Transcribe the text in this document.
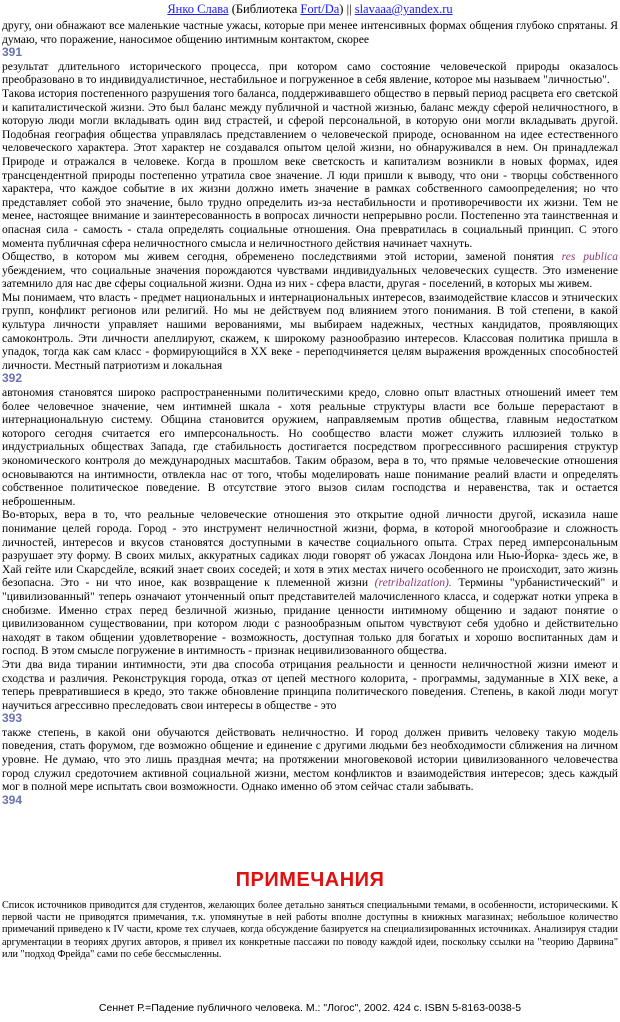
Янко Слава (Библиотека Fort/Da) || slavaaa@yandex.ru

другу, они обнажают все маленькие частные ужасы, которые при менее интенсивных формах общения глубоко спрятаны. Я думаю, что поражение, наносимое общению интимным контактом, скорее

391

результат длительного исторического процесса, при котором само состояние человеческой природы оказалось преобразовано в то индивидуалистичное, нестабильное и погруженное в себя явление, которое мы называем "личностью".

Такова история постепенного разрушения того баланса, поддерживавшего общество в первый период расцвета его светской и капиталистической жизни. Это был баланс между публичной и частной жизнью, баланс между сферой неличностного, в которую люди могли вкладывать один вид страстей, и сферой персональной, в которую они могли вкладывать другой. Подобная география общества управлялась представлением о человеческой природе, основанном на идее естественного человеческого характера. Этот характер не создавался опытом целой жизни, но обнаруживался в нем. Он принадлежал Природе и отражался в человеке. Когда в прошлом веке светскость и капитализм возникли в новых формах, идея трансцендентной природы постепенно утратила свое значение. Л юди пришли к выводу, что они - творцы собственного характера, что каждое событие в их жизни должно иметь значение в рамках собственного самоопределения; но что представляет собой это значение, было трудно определить из-за нестабильности и противоречивости их жизни. Тем не менее, настоящее внимание и заинтересованность в вопросах личности непрерывно росли. Постепенно эта таинственная и опасная сила - самость - стала определять социальные отношения. Она превратилась в социальный принцип. С этого момента публичная сфера неличностного смысла и неличностного действия начинает чахнуть.

Общество, в котором мы живем сегодня, обременено последствиями этой истории, заменой понятия res publica убеждением, что социальные значения порождаются чувствами индивидуальных человеческих существ. Это изменение затемнило для нас две сферы социальной жизни. Одна из них - сфера власти, другая - поселений, в которых мы живем.

Мы понимаем, что власть - предмет национальных и интернациональных интересов, взаимодействие классов и этнических групп, конфликт регионов или религий. Но мы не действуем под влиянием этого понимания. В той степени, в какой культура личности управляет нашими верованиями, мы выбираем надежных, честных кандидатов, проявляющих самоконтроль. Эти личности апеллируют, скажем, к широкому разнообразию интересов. Классовая политика пришла в упадок, тогда как сам класс - формирующийся в XX веке - переподчиняется целям выражения врожденных способностей личности. Местный патриотизм и локальная

392

автономия становятся широко распространенными политическими кредо, словно опыт властных отношений имеет тем более человечное значение, чем интимней шкала - хотя реальные структуры власти все больше перерастают в интернациональную систему. Община становится оружием, направляемым против общества, главным недостатком которого сегодня считается его имперсональность. Но сообщество власти может служить иллюзией только в индустриальных обществах Запада, где стабильность достигается посредством прогрессивного расширения структур экономического контроля до международных масштабов. Таким образом, вера в то, что прямые человеческие отношения основываются на интимности, отвлекла нас от того, чтобы моделировать наше понимание реалий власти и определять собственное политическое поведение. В отсутствие этого вызов силам господства и неравенства, так и остается неброшенным.

Во-вторых, вера в то, что реальные человеческие отношения это открытие одной личности другой, исказила наше понимание целей города. Город - это инструмент неличностной жизни, форма, в которой многообразие и сложность личностей, интересов и вкусов становятся доступными в качестве социального опыта. Страх перед имперсональным разрушает эту форму. В своих милых, аккуратных садиках люди говорят об ужасах Лондона или Нью-Йорка- здесь же, в Хай гейте или Скарсдейле, всякий знает своих соседей; и хотя в этих местах ничего особенного не происходит, зато жизнь безопасна. Это - ни что иное, как возвращение к племенной жизни (retribalization). Термины "урбанистический" и "цивилизованный" теперь означают утонченный опыт представителей малочисленного класса, и содержат нотки упрека в снобизме. Именно страх перед безличной жизнью, придание ценности интимному общению и задают понятие о цивилизованном существовании, при котором люди с разнообразным опытом чувствуют себя удобно и действительно находят в таком общении удовлетворение - возможность, доступная только для богатых и хорошо воспитанных дам и господ. В этом смысле погружение в интимность - признак нецивилизованного общества.

Эти два вида тирании интимности, эти два способа отрицания реальности и ценности неличностной жизни имеют и сходства и различия. Реконструкция города, отказ от цепей местного колорита, - программы, задуманные в XIX веке, а теперь превратившиеся в кредо, это также обновление принципа политического поведения. Степень, в какой люди могут научиться агрессивно преследовать свои интересы в обществе - это

393

также степень, в какой они обучаются действовать неличностно. И город должен привить человеку такую модель поведения, стать форумом, где возможно общение и единение с другими людьми без необходимости сближения на личном уровне. Не думаю, что это лишь праздная мечта; на протяжении многовековой истории цивилизованного человечества город служил средоточием активной социальной жизни, местом конфликтов и взаимодействия интересов; здесь каждый мог в полной мере испытать свои возможности. Однако именно об этом сейчас стали забывать.

394
ПРИМЕЧАНИЯ
Список источников приводится для студентов, желающих более детально заняться специальными темами, в особенности, историческими. К первой части не приводятся примечания, т.к. упомянутые в ней работы вполне доступны в книжных магазинах; небольшое количество примечаний приведено к IV части, кроме тех случаев, когда обсуждение базируется на специализированных источниках. Анализируя стадии аргументации в теориях других авторов, я привел их конкретные пассажи по поводу каждой идеи, поскольку ссылки на "теорию Дарвина" или "подход Фрейда" сами по себе бессмысленны.
Сеннет Р.=Падение публичного человека. М.: "Логос", 2002. 424 с. ISBN 5-8163-0038-5
